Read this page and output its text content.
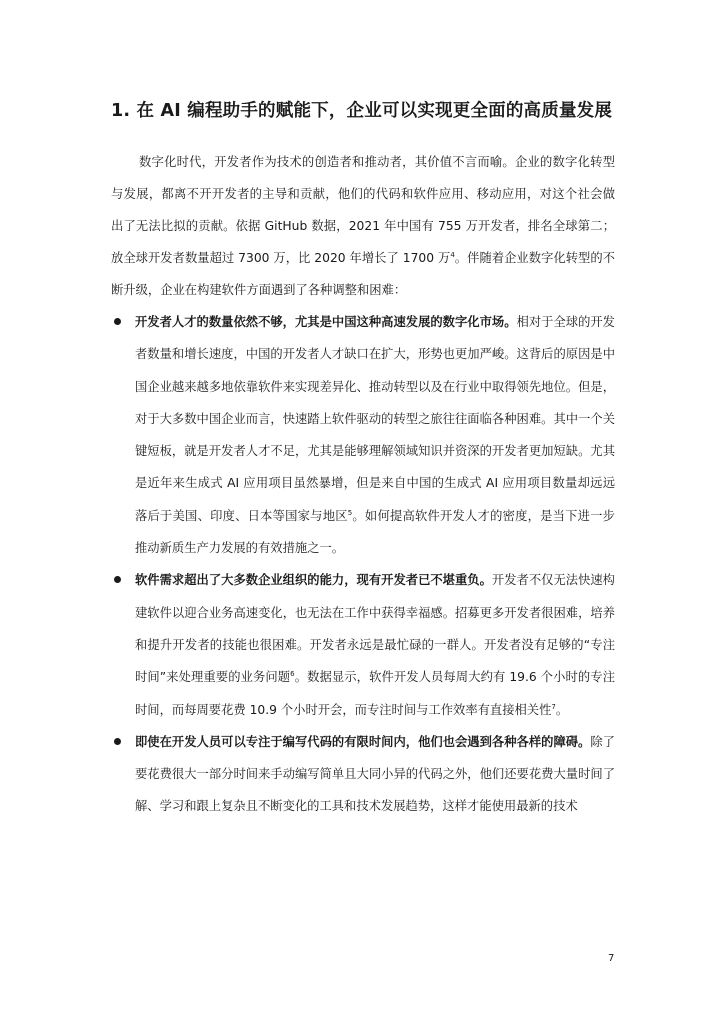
1. 在 AI 编程助手的赋能下，企业可以实现更全面的高质量发展

数字化时代，开发者作为技术的创造者和推动者，其价值不言而喻。企业的数字化转型与发展，都离不开开发者的主导和贡献，他们的代码和软件应用、移动应用，对这个社会做出了无法比拟的贡献。依据 GitHub 数据，2021 年中国有 755 万开发者，排名全球第二；放全球开发者数量超过 7300 万，比 2020 年增长了 1700 万$^4$。伴随着企业数字化转型的不断升级，企业在构建软件方面遇到了各种调整和困难：

开发者人才的数量依然不够，尤其是中国这种高速发展的数字化市场。相对于全球的开发者数量和增长速度，中国的开发者人才缺口在扩大，形势也更加严峻。这背后的原因是中国企业越来越多地依靠软件来实现差异化、推动转型以及在行业中取得领先地位。但是，对于大多数中国企业而言，快速踏上软件驱动的转型之旅往往面临各种困难。其中一个关键短板，就是开发者人才不足，尤其是能够理解领域知识并资深的开发者更加短缺。尤其是近年来生成式 AI 应用项目虽然暴增，但是来自中国的生成式 AI 应用项目数量却远远落后于美国、印度、日本等国家与地区$^5$。如何提高软件开发人才的密度，是当下进一步推动新质生产力发展的有效措施之一。
软件需求超出了大多数企业组织的能力，现有开发者已不堪重负。开发者不仅无法快速构建软件以迎合业务高速变化，也无法在工作中获得幸福感。招募更多开发者很困难，培养和提升开发者的技能也很困难。开发者永远是最忙碌的一群人。开发者没有足够的“专注时间”来处理重要的业务问题$^6$。数据显示，软件开发人员每周大约有 19.6 个小时的专注时间，而每周要花费 10.9 个小时开会，而专注时间与工作效率有直接相关性$^7$。
即使在开发人员可以专注于编写代码的有限时间内，他们也会遇到各种各样的障碍。除了要花费很大一部分时间来手动编写简单且大同小异的代码之外，他们还要花费大量时间了解、学习和跟上复杂且不断变化的工具和技术发展趋势，这样才能使用最新的技术
7
